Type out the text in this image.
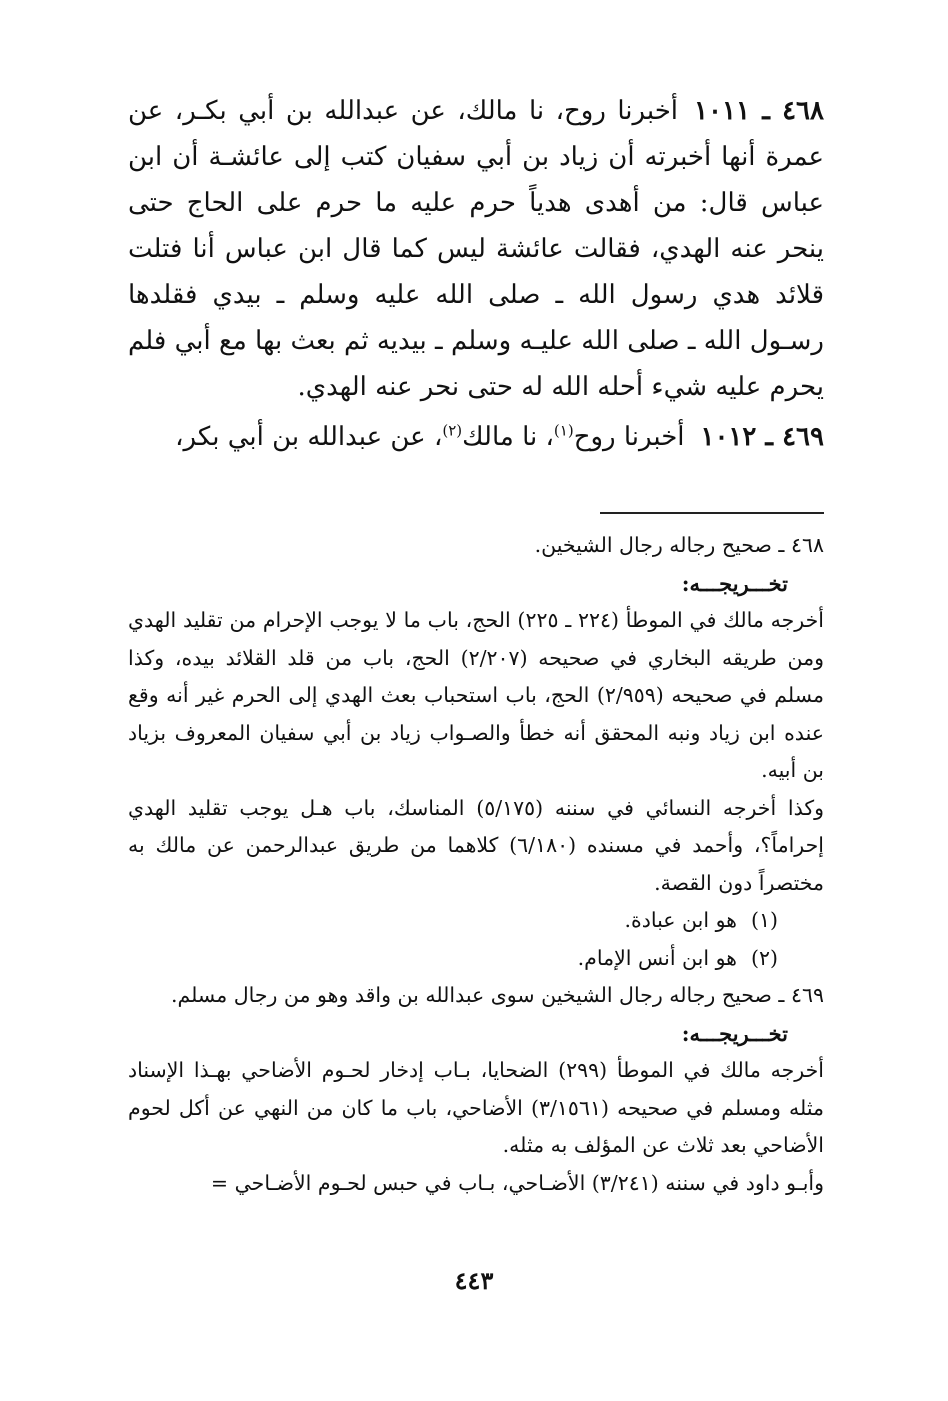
٤٦٨ ـ ١٠١١أخبرنا روح، نا مالك، عن عبدالله بن أبي بكـر، عن عمرة أنها أخبرته أن زياد بن أبي سفيان كتب إلى عائشـة أن ابن عباس قال: من أهدى هدياً حرم عليه ما حرم على الحاج حتى ينحر عنه الهدي، فقالت عائشة ليس كما قال ابن عباس أنا فتلت قلائد هدي رسول الله ـ صلى الله عليه وسلم ـ بيدي فقلدها رسـول الله ـ صلى الله عليـه وسلم ـ بيديه ثم بعث بها مع أبي فلم يحرم عليه شيء أحله الله له حتى نحر عنه الهدي.

٤٦٩ ـ ١٠١٢أخبرنا روح$^{(١)}$، نا مالك$^{(٢)}$، عن عبدالله بن أبي بكر،

٤٦٨ ـ صحيح رجاله رجال الشيخين.

تخـــريجـــه:

أخرجه مالك في الموطأ (٢٢٤ ـ ٢٢٥) الحج، باب ما لا يوجب الإحرام من تقليد الهدي ومن طريقه البخاري في صحيحه (٢/٢٠٧) الحج، باب من قلد القلائد بيده، وكذا مسلم في صحيحه (٢/٩٥٩) الحج، باب استحباب بعث الهدي إلى الحرم غير أنه وقع عنده ابن زياد ونبه المحقق أنه خطأ والصـواب زياد بن أبي سفيان المعروف بزياد بن أبيه.

وكذا أخرجه النسائي في سننه (٥/١٧٥) المناسك، باب هـل يوجب تقليد الهدي إحراماً؟، وأحمد في مسنده (٦/١٨٠) كلاهما من طريق عبدالرحمن عن مالك به مختصراً دون القصة.

(١)هو ابن عبادة.

(٢)هو ابن أنس الإمام.

٤٦٩ ـ صحيح رجاله رجال الشيخين سوى عبدالله بن واقد وهو من رجال مسلم.

تخـــريجـــه:

أخرجه مالك في الموطأ (٢٩٩) الضحايا، بـاب إدخار لحـوم الأضاحي بهـذا الإسناد مثله ومسلم في صحيحه (٣/١٥٦١) الأضاحي، باب ما كان من النهي عن أكل لحوم الأضاحي بعد ثلاث عن المؤلف به مثله.

وأبـو داود في سننه (٣/٢٤١) الأضـاحي، بـاب في حبس لحـوم الأضـاحي =

٤٤٣
